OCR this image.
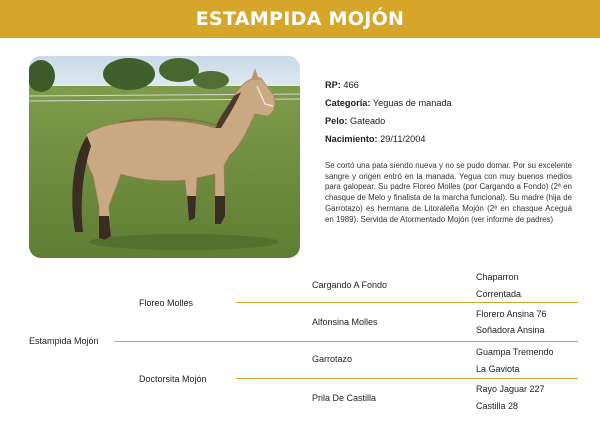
ESTAMPIDA MOJÓN
RP: 466
Categoría: Yeguas de manada
Pelo: Gateado
Nacimiento: 29/11/2004
Se cortó una pata siendo nueva y no se pudo domar. Por su excelente sangre y origen entró en la manada. Yegua con muy buenos medios para galopear. Su padre Floreo Molles (por Cargando a Fondo) (2ª en chasque de Melo y finalista de la marcha funcional). Su madre (hija de Garrotazo) es hermana de Litoraleña Mojón (2ª en chasque Aceguá en 1989). Servida de Atormentado Mojón (ver informe de padres)
Estampida Mojón
Floreo Molles
Doctorsita Mojón
Cargando A Fondo
Alfonsina Molles
Garrotazo
Prila De Castilla
Chaparron
Correntada
Florero Ansina 76
Soñadora Ansina
Guampa Tremendo
La Gaviota
Rayo Jaguar 227
Castilla 28
